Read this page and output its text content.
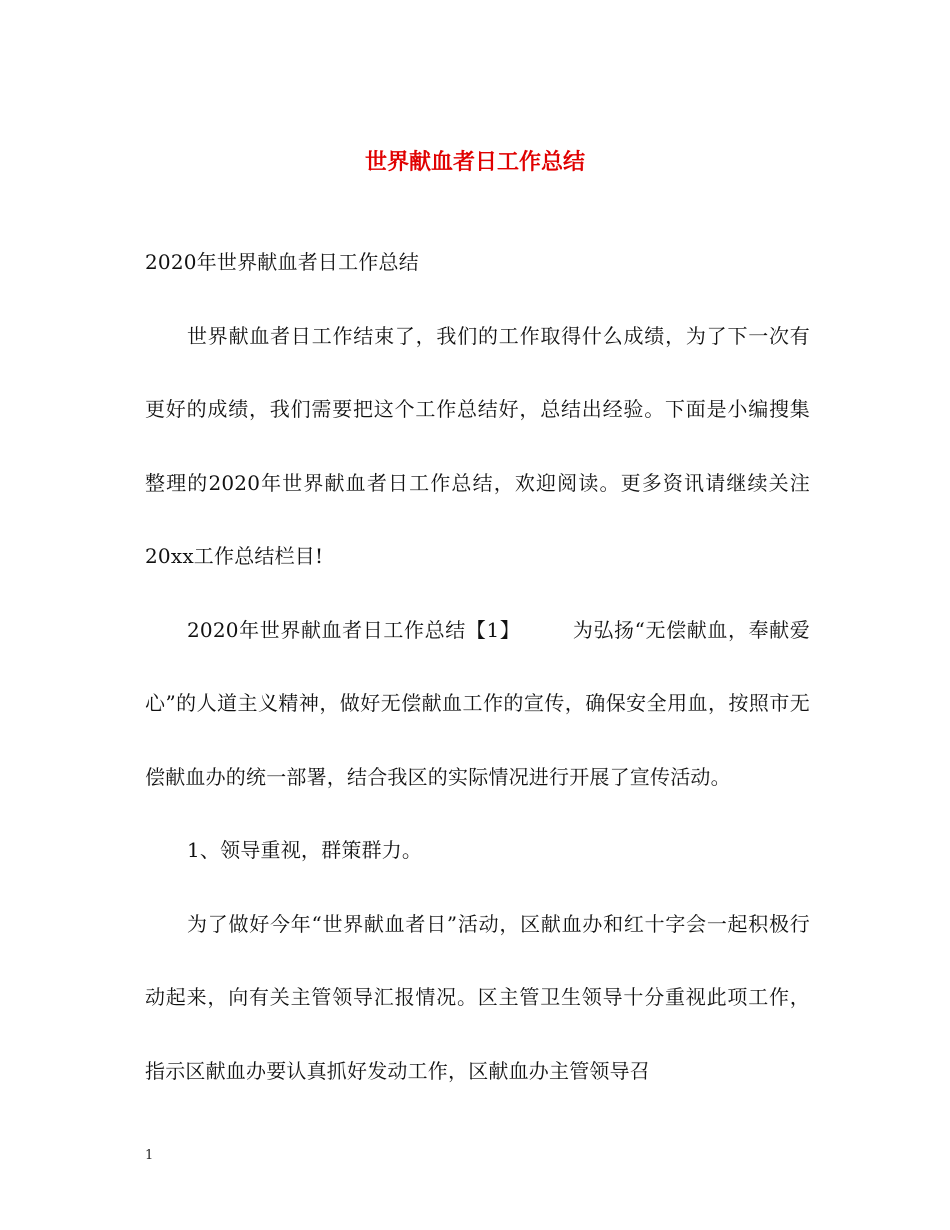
世界献血者日工作总结

2020年世界献血者日工作总结

世界献血者日工作结束了，我们的工作取得什么成绩，为了下一次有更好的成绩，我们需要把这个工作总结好，总结出经验。下面是小编搜集整理的2020年世界献血者日工作总结，欢迎阅读。更多资讯请继续关注20xx工作总结栏目!

2020年世界献血者日工作总结【1】	为弘扬“无偿献血，奉献爱心”的人道主义精神，做好无偿献血工作的宣传，确保安全用血，按照市无偿献血办的统一部署，结合我区的实际情况进行开展了宣传活动。

1、领导重视，群策群力。

为了做好今年“世界献血者日”活动，区献血办和红十字会一起积极行动起来，向有关主管领导汇报情况。区主管卫生领导十分重视此项工作，指示区献血办要认真抓好发动工作，区献血办主管领导召

1
